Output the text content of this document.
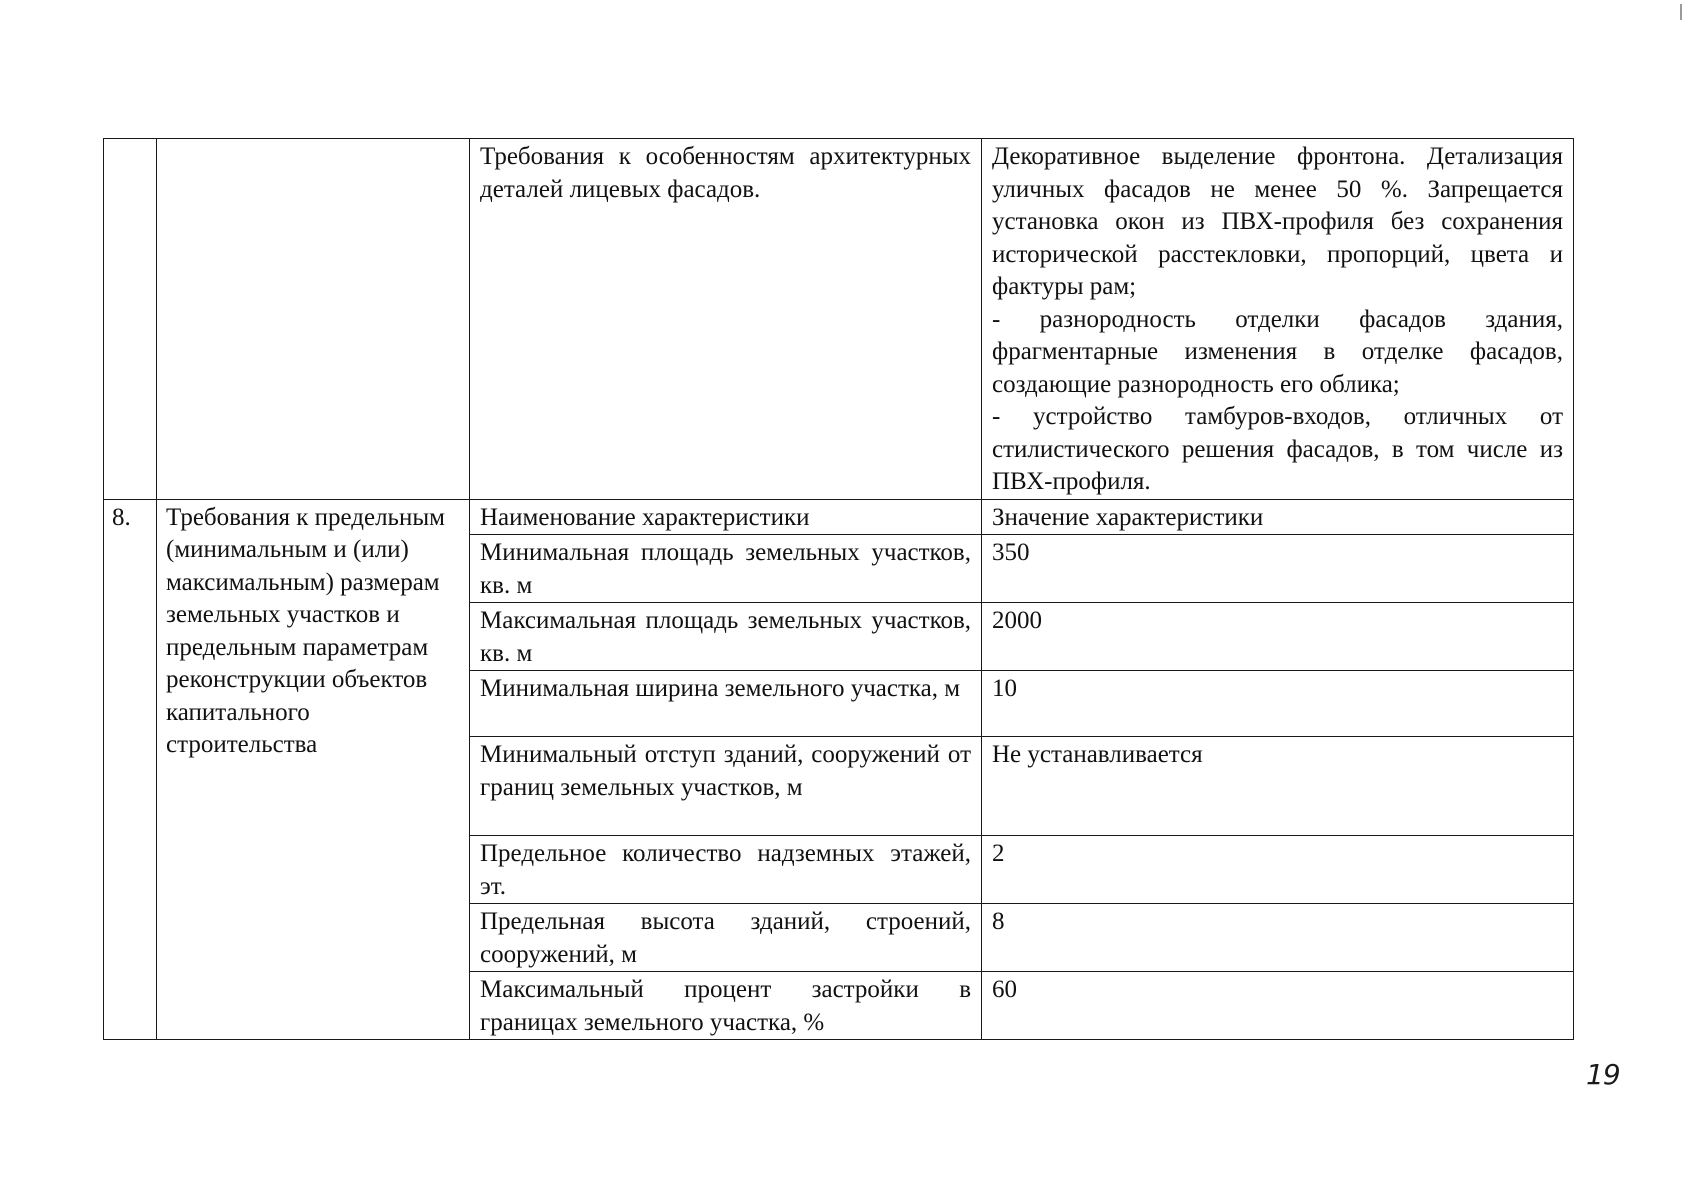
		Требования к особенностям архитектурных деталей лицевых фасадов.	Декоративное выделение фронтона. Детализация уличных фасадов не менее 50 %. Запрещается установка окон из ПВХ-профиля без сохранения исторической расстекловки, пропорций, цвета и фактуры рам;
- разнородность отделки фасадов здания, фрагментарные изменения в отделке фасадов, создающие разнородность его облика;
- устройство тамбуров-входов, отличных от стилистического решения фасадов, в том числе из ПВХ-профиля.

8.	Требования к предельным (минимальным и (или) максимальным) размерам земельных участков и предельным параметрам реконструкции объектов капитального строительства	Наименование характеристики	Значение характеристики
		Минимальная площадь земельных участков, кв. м	350
		Максимальная площадь земельных участков, кв. м	2000
		Минимальная ширина земельного участка, м	10
		Минимальный отступ зданий, сооружений от границ земельных участков, м	Не устанавливается
		Предельное количество надземных этажей, эт.	2
		Предельная высота зданий, строений, сооружений, м	8
		Максимальный процент застройки в границах земельного участка, %	60
19
